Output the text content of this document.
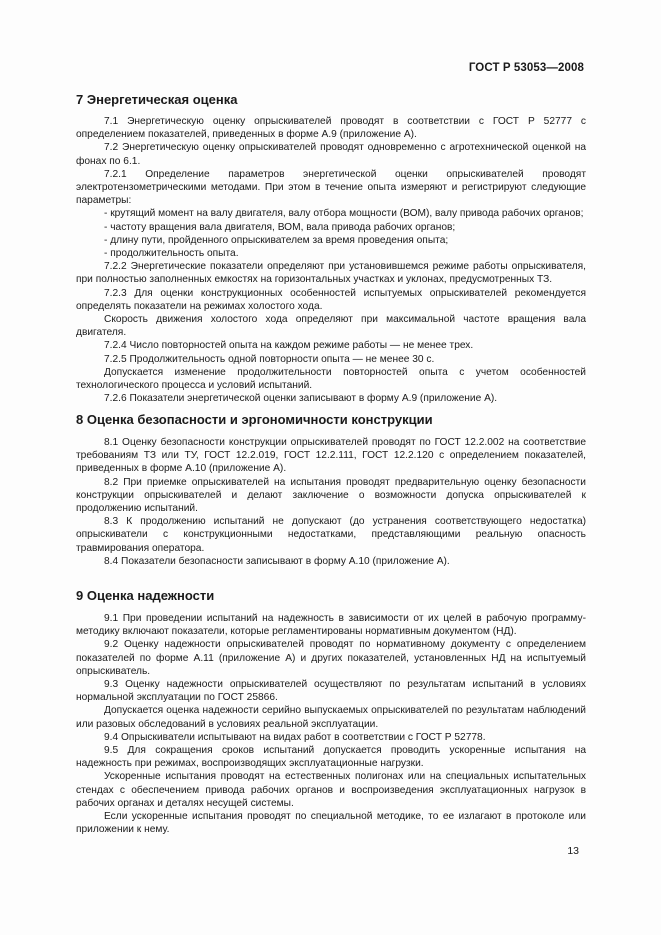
ГОСТ Р 53053—2008
7 Энергетическая оценка

7.1 Энергетическую оценку опрыскивателей проводят в соответствии с ГОСТ Р 52777 с определением показателей, приведенных в форме А.9 (приложение А).

7.2 Энергетическую оценку опрыскивателей проводят одновременно с агротехнической оценкой на фонах по 6.1.

7.2.1 Определение параметров энергетической оценки опрыскивателей проводят электротензометрическими методами. При этом в течение опыта измеряют и регистрируют следующие параметры:

- крутящий момент на валу двигателя, валу отбора мощности (ВОМ), валу привода рабочих органов;

- частоту вращения вала двигателя, ВОМ, вала привода рабочих органов;

- длину пути, пройденного опрыскивателем за время проведения опыта;

- продолжительность опыта.

7.2.2 Энергетические показатели определяют при установившемся режиме работы опрыскивателя, при полностью заполненных емкостях на горизонтальных участках и уклонах, предусмотренных ТЗ.

7.2.3 Для оценки конструкционных особенностей испытуемых опрыскивателей рекомендуется определять показатели на режимах холостого хода.

Скорость движения холостого хода определяют при максимальной частоте вращения вала двигателя.

7.2.4 Число повторностей опыта на каждом режиме работы — не менее трех.

7.2.5 Продолжительность одной повторности опыта — не менее 30 с.

Допускается изменение продолжительности повторностей опыта с учетом особенностей технологического процесса и условий испытаний.

7.2.6 Показатели энергетической оценки записывают в форму А.9 (приложение А).

8 Оценка безопасности и эргономичности конструкции

8.1 Оценку безопасности конструкции опрыскивателей проводят по ГОСТ 12.2.002 на соответствие требованиям ТЗ или ТУ, ГОСТ 12.2.019, ГОСТ 12.2.111, ГОСТ 12.2.120 с определением показателей, приведенных в форме А.10 (приложение А).

8.2 При приемке опрыскивателей на испытания проводят предварительную оценку безопасности конструкции опрыскивателей и делают заключение о возможности допуска опрыскивателей к продолжению испытаний.

8.3 К продолжению испытаний не допускают (до устранения соответствующего недостатка) опрыскиватели с конструкционными недостатками, представляющими реальную опасность травмирования оператора.

8.4 Показатели безопасности записывают в форму А.10 (приложение А).

9 Оценка надежности

9.1 При проведении испытаний на надежность в зависимости от их целей в рабочую программу-методику включают показатели, которые регламентированы нормативным документом (НД).

9.2 Оценку надежности опрыскивателей проводят по нормативному документу с определением показателей по форме А.11 (приложение А) и других показателей, установленных НД на испытуемый опрыскиватель.

9.3 Оценку надежности опрыскивателей осуществляют по результатам испытаний в условиях нормальной эксплуатации по ГОСТ 25866.

Допускается оценка надежности серийно выпускаемых опрыскивателей по результатам наблюдений или разовых обследований в условиях реальной эксплуатации.

9.4 Опрыскиватели испытывают на видах работ в соответствии с ГОСТ Р 52778.

9.5 Для сокращения сроков испытаний допускается проводить ускоренные испытания на надежность при режимах, воспроизводящих эксплуатационные нагрузки.

Ускоренные испытания проводят на естественных полигонах или на специальных испытательных стендах с обеспечением привода рабочих органов и воспроизведения эксплуатационных нагрузок в рабочих органах и деталях несущей системы.

Если ускоренные испытания проводят по специальной методике, то ее излагают в протоколе или приложении к нему.

13
